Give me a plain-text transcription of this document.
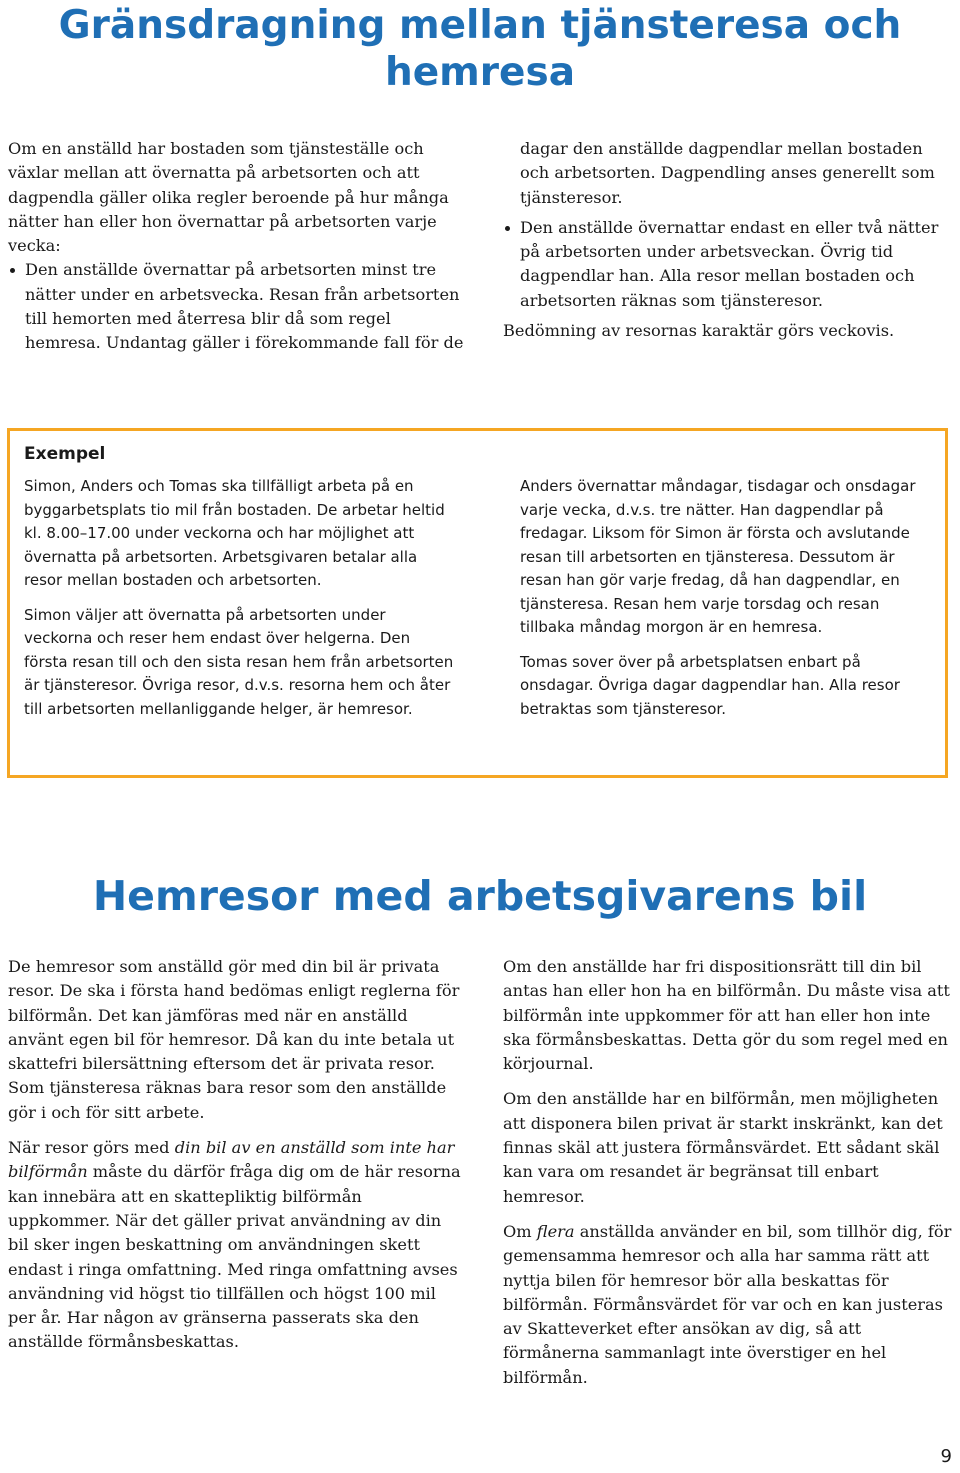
Gränsdragning mellan tjänsteresa och hemresa

Om en anställd har bostaden som tjänsteställe och växlar mellan att övernatta på arbetsorten och att dagpendla gäller olika regler beroende på hur många nätter han eller hon övernattar på arbetsorten varje vecka:

Den anställde övernattar på arbetsorten minst tre nätter under en arbetsvecka. Resan från arbetsorten till hemorten med återresa blir då som regel hemresa. Undantag gäller i förekommande fall för de
dagar den anställde dagpendlar mellan bostaden och arbetsorten. Dagpendling anses generellt som tjänsteresor.
Den anställde övernattar endast en eller två nätter på arbetsorten under arbetsveckan. Övrig tid dagpendlar han. Alla resor mellan bostaden och arbetsorten räknas som tjänsteresor.

Bedömning av resornas karaktär görs veckovis.

Exempel

Simon, Anders och Tomas ska tillfälligt arbeta på en byggarbetsplats tio mil från bostaden. De arbetar heltid kl. 8.00–17.00 under veckorna och har möjlighet att övernatta på arbetsorten. Arbetsgivaren betalar alla resor mellan bostaden och arbetsorten.

Simon väljer att övernatta på arbetsorten under veckorna och reser hem endast över helgerna. Den första resan till och den sista resan hem från arbetsorten är tjänsteresor. Övriga resor, d.v.s. resorna hem och åter till arbetsorten mellanliggande helger, är hemresor.

Anders övernattar måndagar, tisdagar och onsdagar varje vecka, d.v.s. tre nätter. Han dagpendlar på fredagar. Liksom för Simon är första och avslutande resan till arbetsorten en tjänsteresa. Dessutom är resan han gör varje fredag, då han dagpendlar, en tjänsteresa. Resan hem varje torsdag och resan tillbaka måndag morgon är en hemresa.

Tomas sover över på arbetsplatsen enbart på onsdagar. Övriga dagar dagpendlar han. Alla resor betraktas som tjänsteresor.

Hemresor med arbetsgivarens bil

De hemresor som anställd gör med din bil är privata resor. De ska i första hand bedömas enligt reglerna för bilförmån. Det kan jämföras med när en anställd använt egen bil för hemresor. Då kan du inte betala ut skattefri bilersättning eftersom det är privata resor. Som tjänsteresa räknas bara resor som den anställde gör i och för sitt arbete.

När resor görs med din bil av en anställd som inte har bilförmån måste du därför fråga dig om de här resorna kan innebära att en skattepliktig bilförmån uppkommer. När det gäller privat användning av din bil sker ingen beskattning om användningen skett endast i ringa omfattning. Med ringa omfattning avses användning vid högst tio tillfällen och högst 100 mil per år. Har någon av gränserna passerats ska den anställde förmånsbeskattas.

Om den anställde har fri dispositionsrätt till din bil antas han eller hon ha en bilförmån. Du måste visa att bilförmån inte uppkommer för att han eller hon inte ska förmånsbeskattas. Detta gör du som regel med en körjournal.

Om den anställde har en bilförmån, men möjligheten att disponera bilen privat är starkt inskränkt, kan det finnas skäl att justera förmånsvärdet. Ett sådant skäl kan vara om resandet är begränsat till enbart hemresor.

Om flera anställda använder en bil, som tillhör dig, för gemensamma hemresor och alla har samma rätt att nyttja bilen för hemresor bör alla beskattas för bilförmån. Förmånsvärdet för var och en kan justeras av Skatteverket efter ansökan av dig, så att förmånerna sammanlagt inte överstiger en hel bilförmån.

9
